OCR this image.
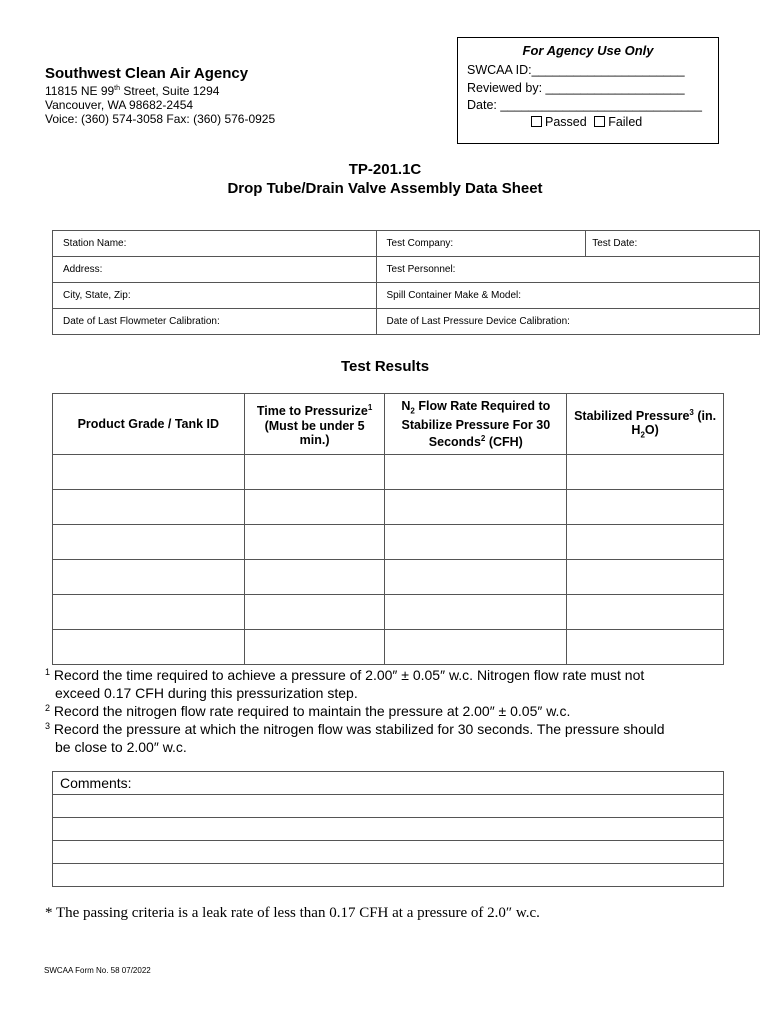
For Agency Use Only
SWCAA ID:______________________
Reviewed by: ____________________
Date: _____________________________
Passed Failed
Southwest Clean Air Agency
11815 NE 99th Street, Suite 1294
Vancouver, WA 98682-2454
Voice: (360) 574-3058 Fax: (360) 576-0925
TP-201.1C
Drop Tube/Drain Valve Assembly Data Sheet
Station Name:	Test Company:	Test Date:
Address:	Test Personnel:	
City, State, Zip:	Spill Container Make & Model:	
Date of Last Flowmeter Calibration:	Date of Last Pressure Device Calibration:	
Test Results
Product Grade / Tank ID	Time to Pressurize$^1$ (Must be under 5 min.)	$N_2$ Flow Rate Required to Stabilize Pressure For 30 Seconds$^2$ (CFH)	Stabilized Pressure$^3$ (in. $H_2O$)

$^1$ Record the time required to achieve a pressure of 2.00″ ± 0.05″ w.c. Nitrogen flow rate must not
exceed 0.17 CFH during this pressurization step.
$^2$ Record the nitrogen flow rate required to maintain the pressure at 2.00″ ± 0.05″ w.c.
$^3$ Record the pressure at which the nitrogen flow was stabilized for 30 seconds. The pressure should
be close to 2.00″ w.c.
Comments:

* The passing criteria is a leak rate of less than 0.17 CFH at a pressure of 2.0″ w.c.
SWCAA Form No. 58 07/2022
